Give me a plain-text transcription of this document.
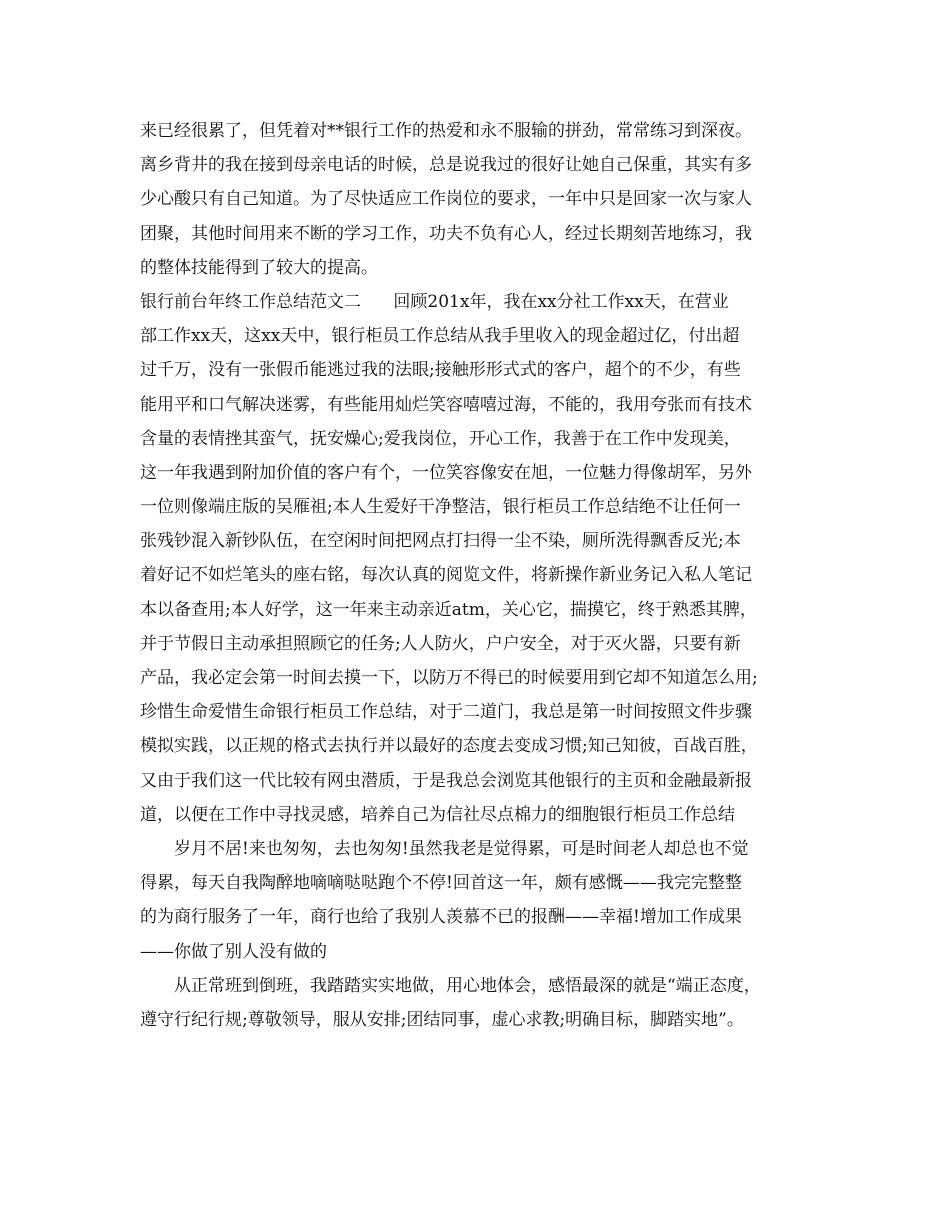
来已经很累了，但凭着对**银行工作的热爱和永不服输的拼劲，常常练习到深夜。
离乡背井的我在接到母亲电话的时候，总是说我过的很好让她自己保重，其实有多
少心酸只有自己知道。为了尽快适应工作岗位的要求，一年中只是回家一次与家人
团聚，其他时间用来不断的学习工作，功夫不负有心人，经过长期刻苦地练习，我
的整体技能得到了较大的提高。
银行前台年终工作总结范文二      回顾201x年，我在xx分社工作xx天，在营业
部工作xx天，这xx天中，银行柜员工作总结从我手里收入的现金超过亿，付出超
过千万，没有一张假币能逃过我的法眼;接触形形式式的客户，超个的不少，有些
能用平和口气解决迷雾，有些能用灿烂笑容嘻嘻过海，不能的，我用夸张而有技术
含量的表情挫其蛮气，抚安燥心;爱我岗位，开心工作，我善于在工作中发现美，
这一年我遇到附加价值的客户有个，一位笑容像安在旭，一位魅力得像胡军，另外
一位则像端庄版的吴雁祖;本人生爱好干净整洁，银行柜员工作总结绝不让任何一
张残钞混入新钞队伍，在空闲时间把网点打扫得一尘不染，厕所洗得飘香反光;本
着好记不如烂笔头的座右铭，每次认真的阅览文件，将新操作新业务记入私人笔记
本以备查用;本人好学，这一年来主动亲近atm，关心它，揣摸它，终于熟悉其脾，
并于节假日主动承担照顾它的任务;人人防火，户户安全，对于灭火器，只要有新
产品，我必定会第一时间去摸一下，以防万不得已的时候要用到它却不知道怎么用;
珍惜生命爱惜生命银行柜员工作总结，对于二道门，我总是第一时间按照文件步骤
模拟实践，以正规的格式去执行并以最好的态度去变成习惯;知己知彼，百战百胜，
又由于我们这一代比较有网虫潜质，于是我总会浏览其他银行的主页和金融最新报
道，以便在工作中寻找灵感，培养自己为信社尽点棉力的细胞银行柜员工作总结
岁月不居!来也匆匆，去也匆匆!虽然我老是觉得累，可是时间老人却总也不觉
得累，每天自我陶醉地嘀嘀哒哒跑个不停!回首这一年，颇有感慨——我完完整整
的为商行服务了一年，商行也给了我别人羡慕不已的报酬——幸福!增加工作成果
——你做了别人没有做的
从正常班到倒班，我踏踏实实地做，用心地体会，感悟最深的就是“端正态度，
遵守行纪行规;尊敬领导，服从安排;团结同事，虚心求教;明确目标，脚踏实地”。
